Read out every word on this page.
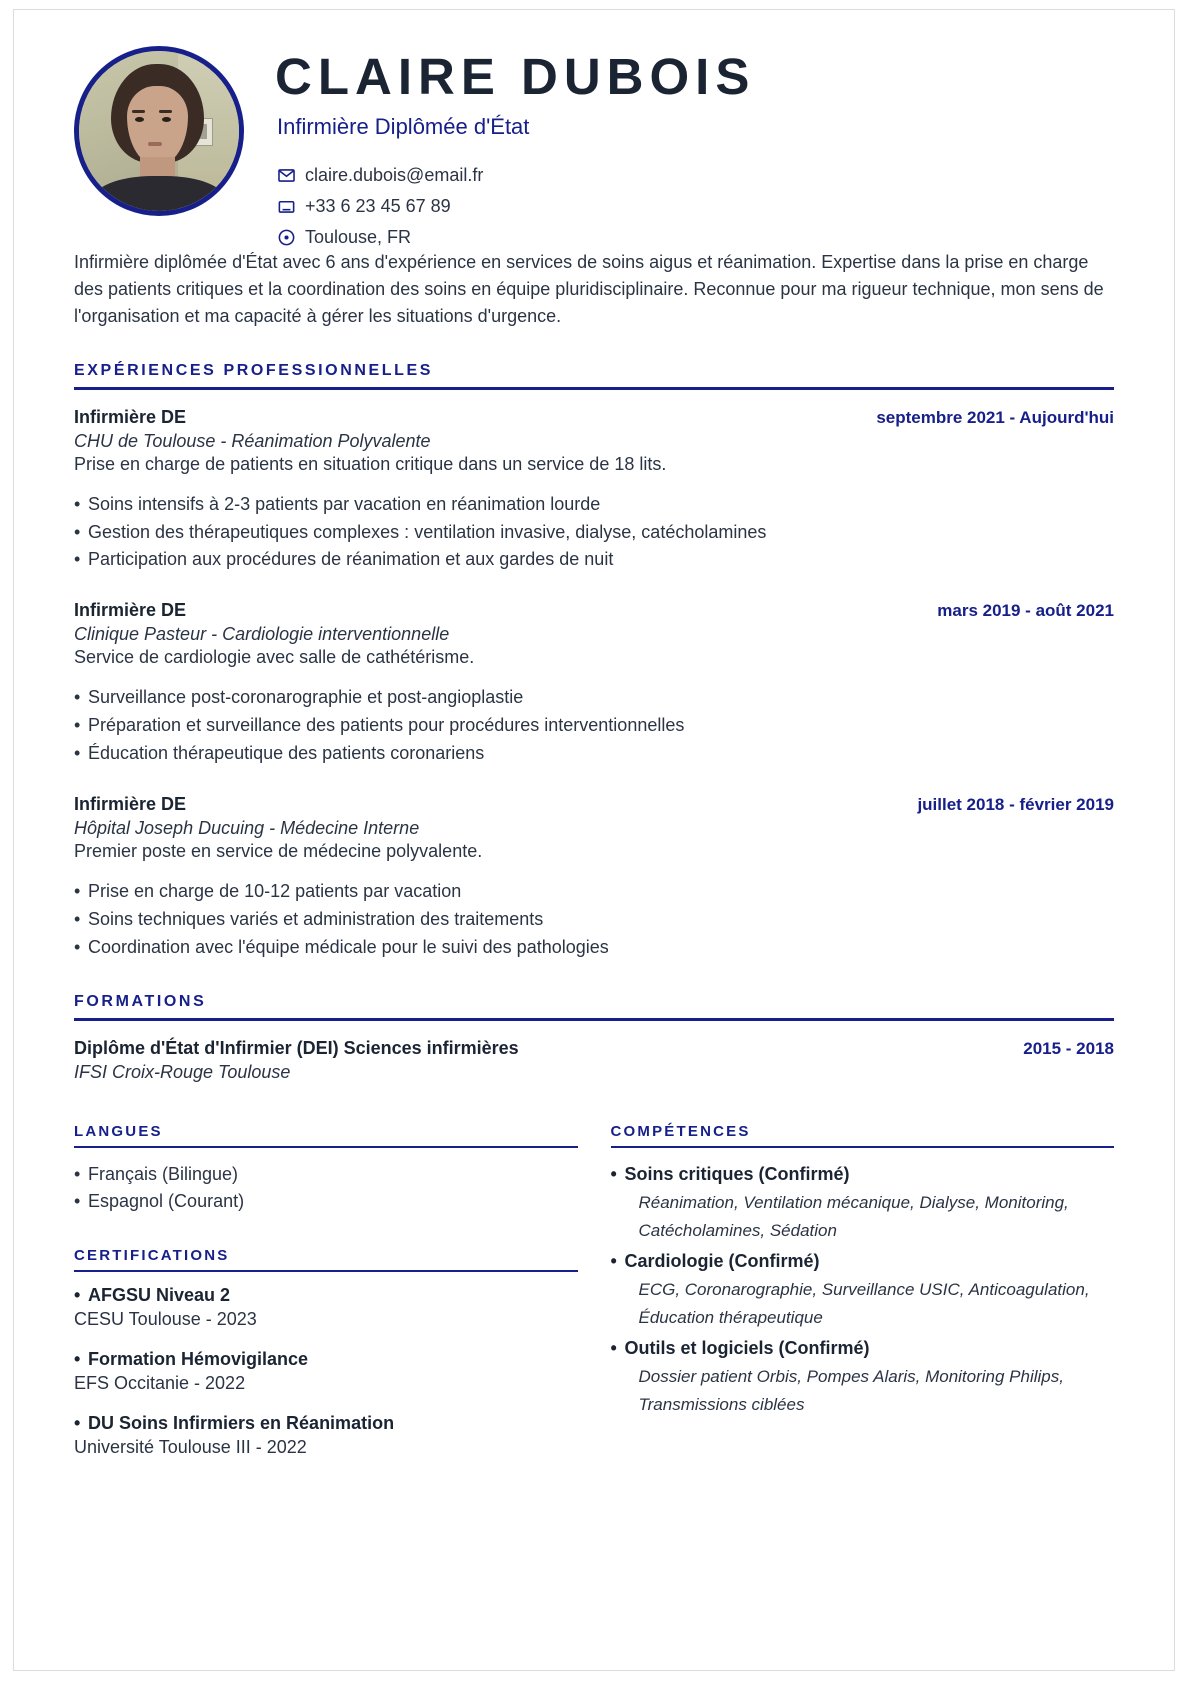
CLAIRE DUBOIS
Infirmière Diplômée d'État
claire.dubois@email.fr
+33 6 23 45 67 89
Toulouse, FR
Infirmière diplômée d'État avec 6 ans d'expérience en services de soins aigus et réanimation. Expertise dans la prise en charge des patients critiques et la coordination des soins en équipe pluridisciplinaire. Reconnue pour ma rigueur technique, mon sens de l'organisation et ma capacité à gérer les situations d'urgence.
EXPÉRIENCES PROFESSIONNELLES
Infirmière DE	septembre 2021 - Aujourd'hui
CHU de Toulouse - Réanimation Polyvalente
Prise en charge de patients en situation critique dans un service de 18 lits.
• Soins intensifs à 2-3 patients par vacation en réanimation lourde
• Gestion des thérapeutiques complexes : ventilation invasive, dialyse, catécholamines
• Participation aux procédures de réanimation et aux gardes de nuit
Infirmière DE	mars 2019 - août 2021
Clinique Pasteur - Cardiologie interventionnelle
Service de cardiologie avec salle de cathétérisme.
• Surveillance post-coronarographie et post-angioplastie
• Préparation et surveillance des patients pour procédures interventionnelles
• Éducation thérapeutique des patients coronariens
Infirmière DE	juillet 2018 - février 2019
Hôpital Joseph Ducuing - Médecine Interne
Premier poste en service de médecine polyvalente.
• Prise en charge de 10-12 patients par vacation
• Soins techniques variés et administration des traitements
• Coordination avec l'équipe médicale pour le suivi des pathologies
FORMATIONS
Diplôme d'État d'Infirmier (DEI) Sciences infirmières	2015 - 2018
IFSI Croix-Rouge Toulouse
LANGUES
• Français (Bilingue)
• Espagnol (Courant)
CERTIFICATIONS
• AFGSU Niveau 2
CESU Toulouse - 2023
• Formation Hémovigilance
EFS Occitanie - 2022
• DU Soins Infirmiers en Réanimation
Université Toulouse III - 2022
COMPÉTENCES
• Soins critiques (Confirmé)
Réanimation, Ventilation mécanique, Dialyse, Monitoring, Catécholamines, Sédation
• Cardiologie (Confirmé)
ECG, Coronarographie, Surveillance USIC, Anticoagulation, Éducation thérapeutique
• Outils et logiciels (Confirmé)
Dossier patient Orbis, Pompes Alaris, Monitoring Philips, Transmissions ciblées
